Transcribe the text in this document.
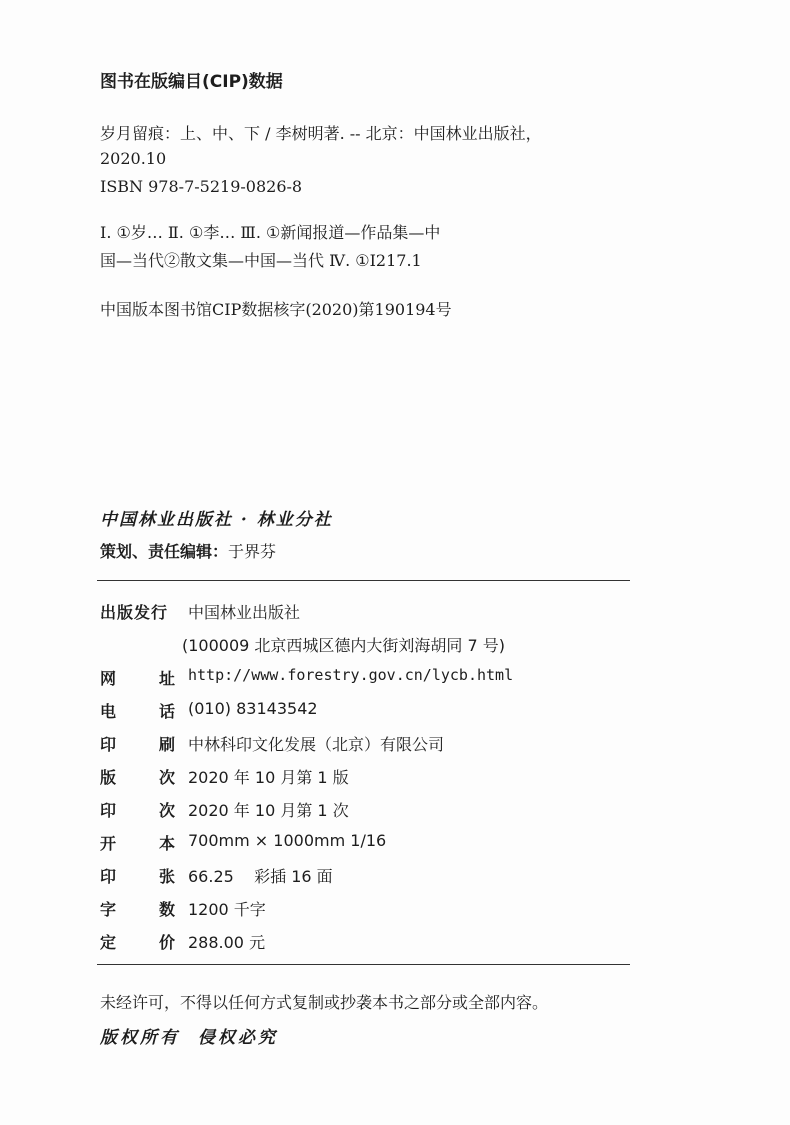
图书在版编目(CIP)数据
岁月留痕：上、中、下 / 李树明著. -- 北京：中国林业出版社，
2020.10
ISBN 978-7-5219-0826-8
Ⅰ. ①岁… Ⅱ. ①李… Ⅲ. ①新闻报道—作品集—中
国—当代②散文集—中国—当代 Ⅳ. ①I217.1
中国版本图书馆CIP数据核字(2020)第190194号
中国林业出版社 · 林业分社
策划、责任编辑：于界芬
出版发行	中国林业出版社
(100009 北京西城区德内大街刘海胡同 7 号)
网	址 http://www.forestry.gov.cn/lycb.html
电	话 (010) 83143542
印	刷 中林科印文化发展（北京）有限公司
版	次 2020 年 10 月第 1 版
印	次 2020 年 10 月第 1 次
开	本 700mm × 1000mm 1/16
印	张 66.25    彩插 16 面
字	数 1200 千字
定	价 288.00 元
未经许可，不得以任何方式复制或抄袭本书之部分或全部内容。
版权所有  侵权必究
